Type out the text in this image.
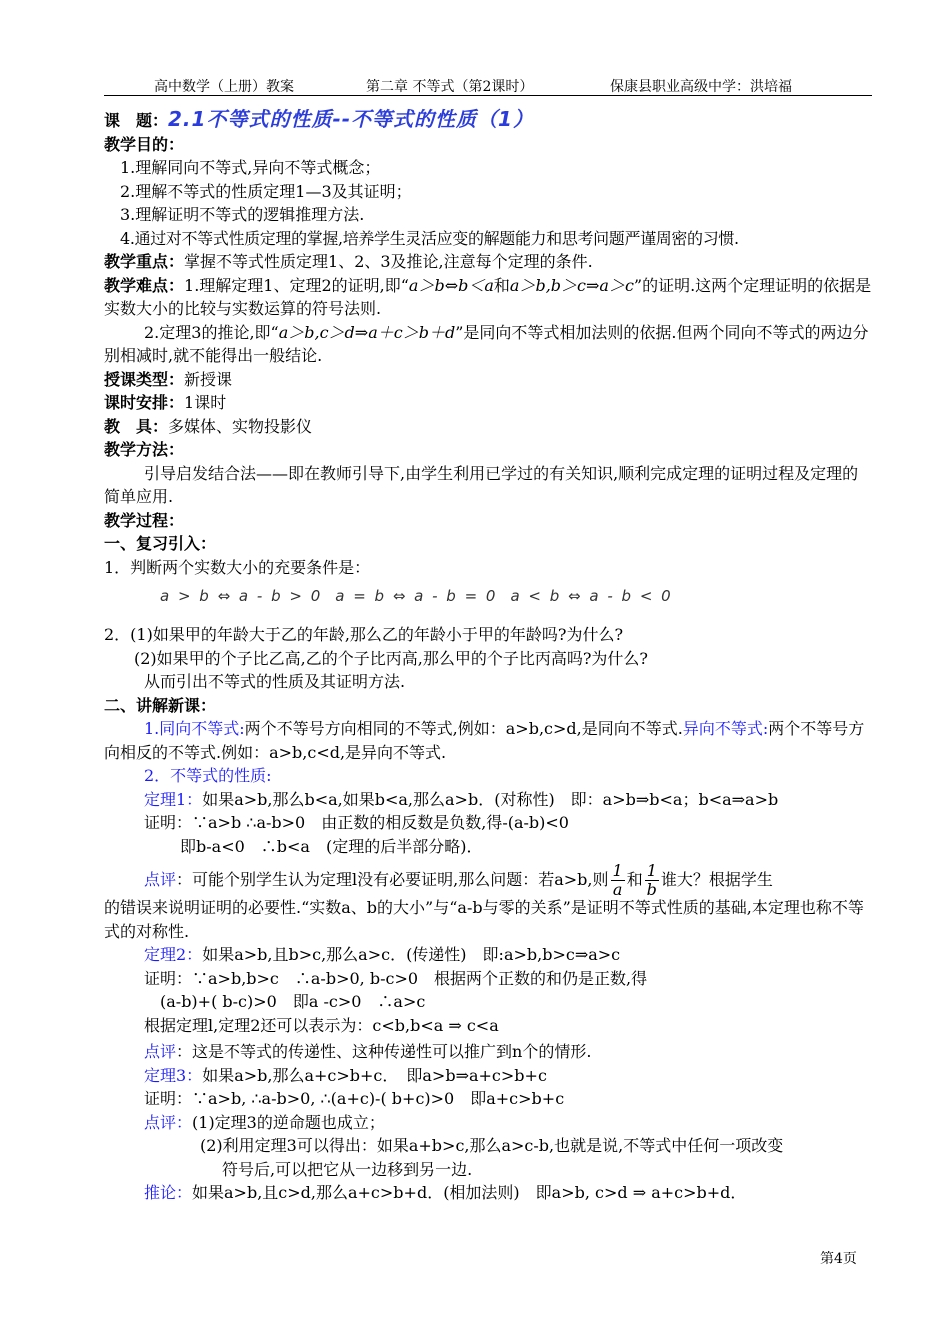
高中数学（上册）教案	第二章 不等式（第2课时）	保康县职业高级中学：洪培福
课　题：2.1不等式的性质--不等式的性质（1）
教学目的：
1.理解同向不等式,异向不等式概念；
2.理解不等式的性质定理1—3及其证明；
3.理解证明不等式的逻辑推理方法.
4.通过对不等式性质定理的掌握,培养学生灵活应变的解题能力和思考问题严谨周密的习惯.
教学重点：掌握不等式性质定理1、2、3及推论,注意每个定理的条件.
教学难点：1.理解定理1、定理2的证明,即“a＞b⇔b＜a和a＞b,b＞c⇒a＞c”的证明.这两个定理证明的依据是实数大小的比较与实数运算的符号法则.
2.定理3的推论,即“a＞b,c＞d⇒a＋c＞b＋d”是同向不等式相加法则的依据.但两个同向不等式的两边分别相减时,就不能得出一般结论.
授课类型：新授课
课时安排：1课时
教　具：多媒体、实物投影仪
教学方法：
引导启发结合法——即在教师引导下,由学生利用已学过的有关知识,顺利完成定理的证明过程及定理的简单应用.
教学过程：
一、复习引入：
1．判断两个实数大小的充要条件是：
a > b ⇔ a - b > 0　a = b ⇔ a - b = 0　a < b ⇔ a - b < 0
2．(1)如果甲的年龄大于乙的年龄,那么乙的年龄小于甲的年龄吗?为什么?
(2)如果甲的个子比乙高,乙的个子比丙高,那么甲的个子比丙高吗?为什么?
从而引出不等式的性质及其证明方法.
二、讲解新课：
1.同向不等式:两个不等号方向相同的不等式,例如：a>b,c>d,是同向不等式.异向不等式:两个不等号方向相反的不等式.例如：a>b,c<d,是异向不等式.
2．不等式的性质:
定理1：如果a>b,那么b<a,如果b<a,那么a>b．(对称性)　即：a>b⇒b<a；b<a⇒a>b
证明：∵a>b ∴a-b>0　由正数的相反数是负数,得-(a-b)<0
即b-a<0　∴b<a　(定理的后半部分略)．
点评：可能个别学生认为定理l没有必要证明,那么问题：若a>b,则 $\frac{1}{a}$ 和 $\frac{1}{b}$ 谁大？根据学生
的错误来说明证明的必要性.“实数a、b的大小”与“a-b与零的关系”是证明不等式性质的基础,本定理也称不等式的对称性.
定理2：如果a>b,且b>c,那么a>c．(传递性)　即:a>b,b>c⇒a>c
证明：∵a>b,b>c　∴a-b>0, b-c>0　根据两个正数的和仍是正数,得
(a-b)+( b-c)>0　即a -c>0　∴a>c
根据定理l,定理2还可以表示为：c<b,b<a ⇒ c<a
点评：这是不等式的传递性、这种传递性可以推广到n个的情形.
定理3：如果a>b,那么a+c>b+c．　即a>b⇒a+c>b+c
证明：∵a>b, ∴a-b>0, ∴(a+c)-( b+c)>0　即a+c>b+c
点评：(1)定理3的逆命题也成立；
(2)利用定理3可以得出：如果a+b>c,那么a>c-b,也就是说,不等式中任何一项改变
符号后,可以把它从一边移到另一边.
推论：如果a>b,且c>d,那么a+c>b+d．(相加法则)　即a>b, c>d ⇒ a+c>b+d．
第4页
